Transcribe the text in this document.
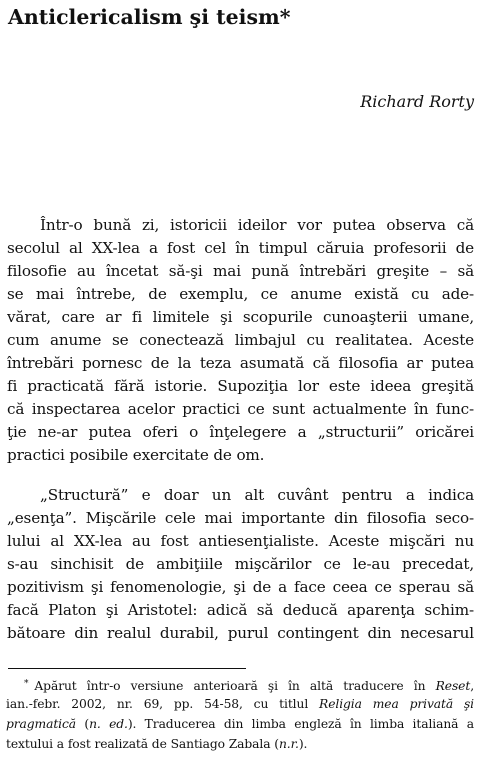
Anticlericalism şi teism*

Richard Rorty

Într-o bună zi, istoricii ideilor vor putea observa că
secolul al XX-lea a fost cel în timpul căruia profesorii de
filosofie au încetat să-şi mai pună întrebări greşite – să
se mai întrebe, de exemplu, ce anume există cu ade-
vărat, care ar fi limitele şi scopurile cunoaşterii umane,
cum anume se conectează limbajul cu realitatea. Aceste
întrebări pornesc de la teza asumată că filosofia ar putea
fi practicată fără istorie. Supoziţia lor este ideea greşită
că inspectarea acelor practici ce sunt actualmente în func-
ţie ne-ar putea oferi o înţelegere a „structurii” oricărei
practici posibile exercitate de om.
„Structură” e doar un alt cuvânt pentru a indica
„esenţa”. Mişcările cele mai importante din filosofia seco-
lului al XX-lea au fost antiesenţialiste. Aceste mişcări nu
s-au sinchisit de ambiţiile mişcărilor ce le-au precedat,
pozitivism şi fenomenologie, şi de a face ceea ce sperau să
facă Platon şi Aristotel: adică să deducă aparenţa schim-
bătoare din realul durabil, purul contingent din necesarul
* Apărut într-o versiune anterioară şi în altă traducere în Reset,
ian.-febr. 2002, nr. 69, pp. 54-58, cu titlul Religia mea privată şi
pragmatică (n. ed.). Traducerea din limba engleză în limba italiană a
textului a fost realizată de Santiago Zabala (n.r.).
